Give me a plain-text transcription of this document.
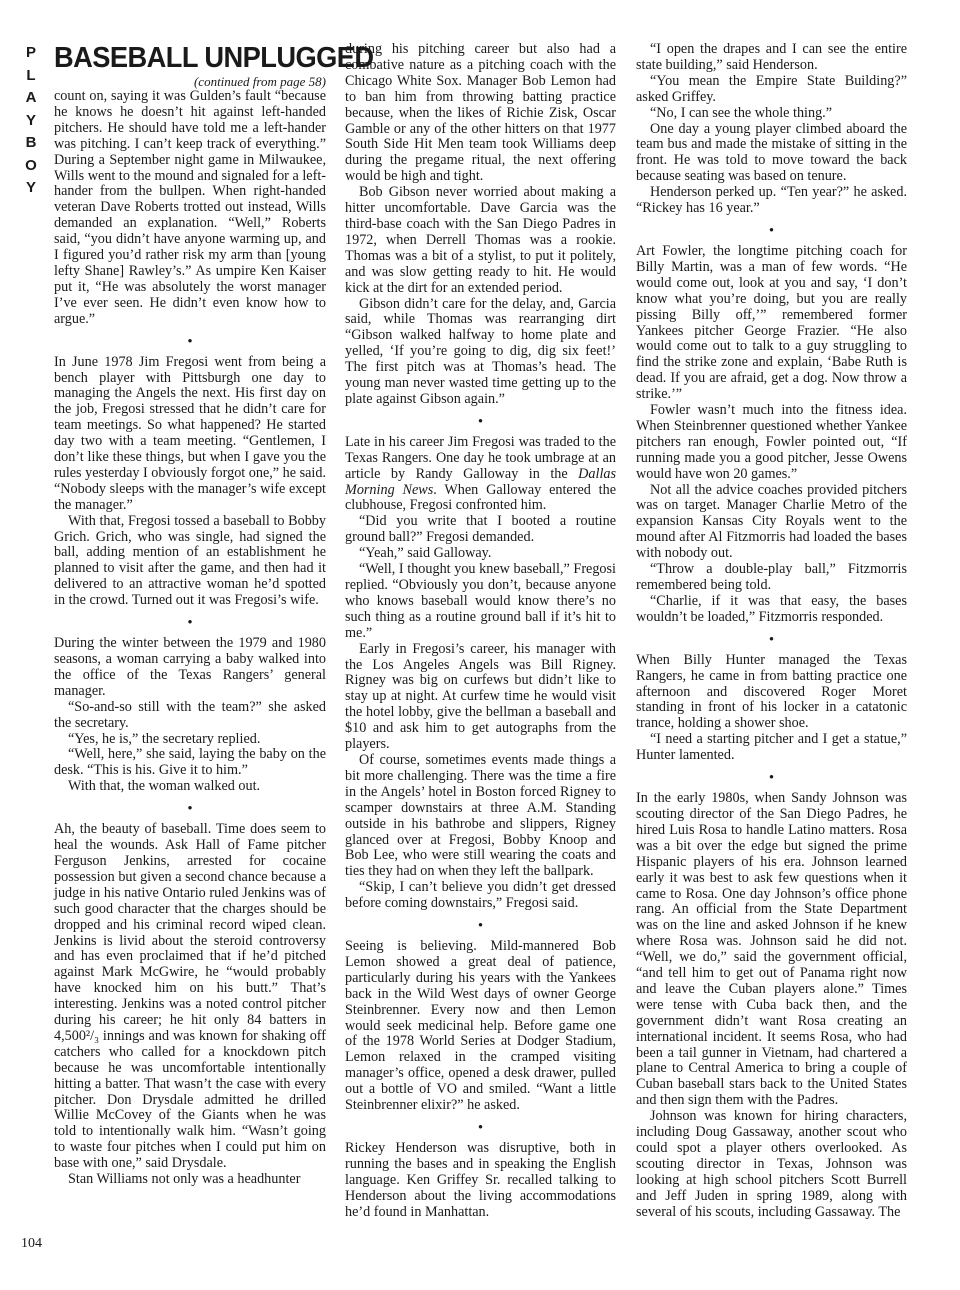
P
L
A
Y
B
O
Y
104
BASEBALL UNPLUGGED

(continued from page 58)

count on, saying it was Gulden’s fault “because he knows he doesn’t hit against left-handed pitchers. He should have told me a left-hander was pitching. I can’t keep track of everything.” During a September night game in Milwaukee, Wills went to the mound and signaled for a left-hander from the bullpen. When right-handed veteran Dave Roberts trotted out instead, Wills demanded an explanation. “Well,” Roberts said, “you didn’t have anyone warming up, and I figured you’d rather risk my arm than [young lefty Shane] Rawley’s.” As umpire Ken Kaiser put it, “He was absolutely the worst manager I’ve ever seen. He didn’t even know how to argue.”

•

In June 1978 Jim Fregosi went from being a bench player with Pittsburgh one day to managing the Angels the next. His first day on the job, Fregosi stressed that he didn’t care for team meetings. So what happened? He started day two with a team meeting. “Gentlemen, I don’t like these things, but when I gave you the rules yesterday I obviously forgot one,” he said. “Nobody sleeps with the manager’s wife except the manager.”

With that, Fregosi tossed a baseball to Bobby Grich. Grich, who was single, had signed the ball, adding mention of an establishment he planned to visit after the game, and then had it delivered to an attractive woman he’d spotted in the crowd. Turned out it was Fregosi’s wife.

•

During the winter between the 1979 and 1980 seasons, a woman carrying a baby walked into the office of the Texas Rangers’ general manager.

“So-and-so still with the team?” she asked the secretary.

“Yes, he is,” the secretary replied.

“Well, here,” she said, laying the baby on the desk. “This is his. Give it to him.”

With that, the woman walked out.

•

Ah, the beauty of baseball. Time does seem to heal the wounds. Ask Hall of Fame pitcher Ferguson Jenkins, arrested for cocaine possession but given a second chance because a judge in his native Ontario ruled Jenkins was of such good character that the charges should be dropped and his criminal record wiped clean. Jenkins is livid about the steroid controversy and has even proclaimed that if he’d pitched against Mark McGwire, he “would probably have knocked him on his butt.” That’s interesting. Jenkins was a noted control pitcher during his career; he hit only 84 batters in 4,500²/₃ innings and was known for shaking off catchers who called for a knockdown pitch because he was uncomfortable intentionally hitting a batter. That wasn’t the case with every pitcher. Don Drysdale admitted he drilled Willie McCovey of the Giants when he was told to intentionally walk him. “Wasn’t going to waste four pitches when I could put him on base with one,” said Drysdale.

Stan Williams not only was a headhunter

during his pitching career but also had a combative nature as a pitching coach with the Chicago White Sox. Manager Bob Lemon had to ban him from throwing batting practice because, when the likes of Richie Zisk, Oscar Gamble or any of the other hitters on that 1977 South Side Hit Men team took Williams deep during the pregame ritual, the next offering would be high and tight.

Bob Gibson never worried about making a hitter uncomfortable. Dave Garcia was the third-base coach with the San Diego Padres in 1972, when Derrell Thomas was a rookie. Thomas was a bit of a stylist, to put it politely, and was slow getting ready to hit. He would kick at the dirt for an extended period.

Gibson didn’t care for the delay, and, Garcia said, while Thomas was rearranging dirt “Gibson walked halfway to home plate and yelled, ‘If you’re going to dig, dig six feet!’ The first pitch was at Thomas’s head. The young man never wasted time getting up to the plate against Gibson again.”

•

Late in his career Jim Fregosi was traded to the Texas Rangers. One day he took umbrage at an article by Randy Galloway in the Dallas Morning News. When Galloway entered the clubhouse, Fregosi confronted him.

“Did you write that I booted a routine ground ball?” Fregosi demanded.

“Yeah,” said Galloway.

“Well, I thought you knew baseball,” Fregosi replied. “Obviously you don’t, because anyone who knows baseball would know there’s no such thing as a routine ground ball if it’s hit to me.”

Early in Fregosi’s career, his manager with the Los Angeles Angels was Bill Rigney. Rigney was big on curfews but didn’t like to stay up at night. At curfew time he would visit the hotel lobby, give the bellman a baseball and $10 and ask him to get autographs from the players.

Of course, sometimes events made things a bit more challenging. There was the time a fire in the Angels’ hotel in Boston forced Rigney to scamper downstairs at three A.M. Standing outside in his bathrobe and slippers, Rigney glanced over at Fregosi, Bobby Knoop and Bob Lee, who were still wearing the coats and ties they had on when they left the ballpark.

“Skip, I can’t believe you didn’t get dressed before coming downstairs,” Fregosi said.

•

Seeing is believing. Mild-mannered Bob Lemon showed a great deal of patience, particularly during his years with the Yankees back in the Wild West days of owner George Steinbrenner. Every now and then Lemon would seek medicinal help. Before game one of the 1978 World Series at Dodger Stadium, Lemon relaxed in the cramped visiting manager’s office, opened a desk drawer, pulled out a bottle of VO and smiled. “Want a little Steinbrenner elixir?” he asked.

•

Rickey Henderson was disruptive, both in running the bases and in speaking the English language. Ken Griffey Sr. recalled talking to Henderson about the living accommodations he’d found in Manhattan.

“I open the drapes and I can see the entire state building,” said Henderson.

“You mean the Empire State Building?” asked Griffey.

“No, I can see the whole thing.”

One day a young player climbed aboard the team bus and made the mistake of sitting in the front. He was told to move toward the back because seating was based on tenure.

Henderson perked up. “Ten year?” he asked. “Rickey has 16 year.”

•

Art Fowler, the longtime pitching coach for Billy Martin, was a man of few words. “He would come out, look at you and say, ‘I don’t know what you’re doing, but you are really pissing Billy off,’” remembered former Yankees pitcher George Frazier. “He also would come out to talk to a guy struggling to find the strike zone and explain, ‘Babe Ruth is dead. If you are afraid, get a dog. Now throw a strike.’”

Fowler wasn’t much into the fitness idea. When Steinbrenner questioned whether Yankee pitchers ran enough, Fowler pointed out, “If running made you a good pitcher, Jesse Owens would have won 20 games.”

Not all the advice coaches provided pitchers was on target. Manager Charlie Metro of the expansion Kansas City Royals went to the mound after Al Fitzmorris had loaded the bases with nobody out.

“Throw a double-play ball,” Fitzmorris remembered being told.

“Charlie, if it was that easy, the bases wouldn’t be loaded,” Fitzmorris responded.

•

When Billy Hunter managed the Texas Rangers, he came in from batting practice one afternoon and discovered Roger Moret standing in front of his locker in a catatonic trance, holding a shower shoe.

“I need a starting pitcher and I get a statue,” Hunter lamented.

•

In the early 1980s, when Sandy Johnson was scouting director of the San Diego Padres, he hired Luis Rosa to handle Latino matters. Rosa was a bit over the edge but signed the prime Hispanic players of his era. Johnson learned early it was best to ask few questions when it came to Rosa. One day Johnson’s office phone rang. An official from the State Department was on the line and asked Johnson if he knew where Rosa was. Johnson said he did not. “Well, we do,” said the government official, “and tell him to get out of Panama right now and leave the Cuban players alone.” Times were tense with Cuba back then, and the government didn’t want Rosa creating an international incident. It seems Rosa, who had been a tail gunner in Vietnam, had chartered a plane to Central America to bring a couple of Cuban baseball stars back to the United States and then sign them with the Padres.

Johnson was known for hiring characters, including Doug Gassaway, another scout who could spot a player others overlooked. As scouting director in Texas, Johnson was looking at high school pitchers Scott Burrell and Jeff Juden in spring 1989, along with several of his scouts, including Gassaway. The
